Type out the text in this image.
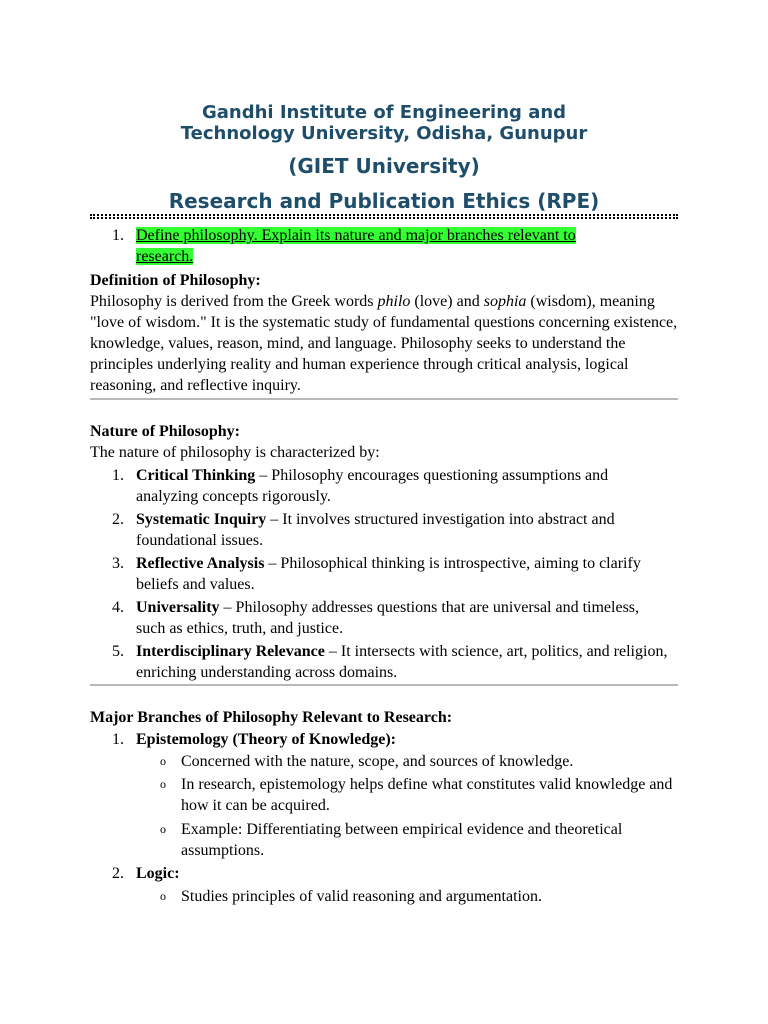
Gandhi Institute of Engineering and Technology University, Odisha, Gunupur
(GIET University)
Research and Publication Ethics (RPE)
1. Define philosophy. Explain its nature and major branches relevant to research.
Definition of Philosophy:
Philosophy is derived from the Greek words philo (love) and sophia (wisdom), meaning "love of wisdom." It is the systematic study of fundamental questions concerning existence, knowledge, values, reason, mind, and language. Philosophy seeks to understand the principles underlying reality and human experience through critical analysis, logical reasoning, and reflective inquiry.
Nature of Philosophy:
The nature of philosophy is characterized by:
1. Critical Thinking – Philosophy encourages questioning assumptions and analyzing concepts rigorously.
2. Systematic Inquiry – It involves structured investigation into abstract and foundational issues.
3. Reflective Analysis – Philosophical thinking is introspective, aiming to clarify beliefs and values.
4. Universality – Philosophy addresses questions that are universal and timeless, such as ethics, truth, and justice.
5. Interdisciplinary Relevance – It intersects with science, art, politics, and religion, enriching understanding across domains.
Major Branches of Philosophy Relevant to Research:
1. Epistemology (Theory of Knowledge):
o Concerned with the nature, scope, and sources of knowledge.
o In research, epistemology helps define what constitutes valid knowledge and how it can be acquired.
o Example: Differentiating between empirical evidence and theoretical assumptions.
2. Logic:
o Studies principles of valid reasoning and argumentation.
